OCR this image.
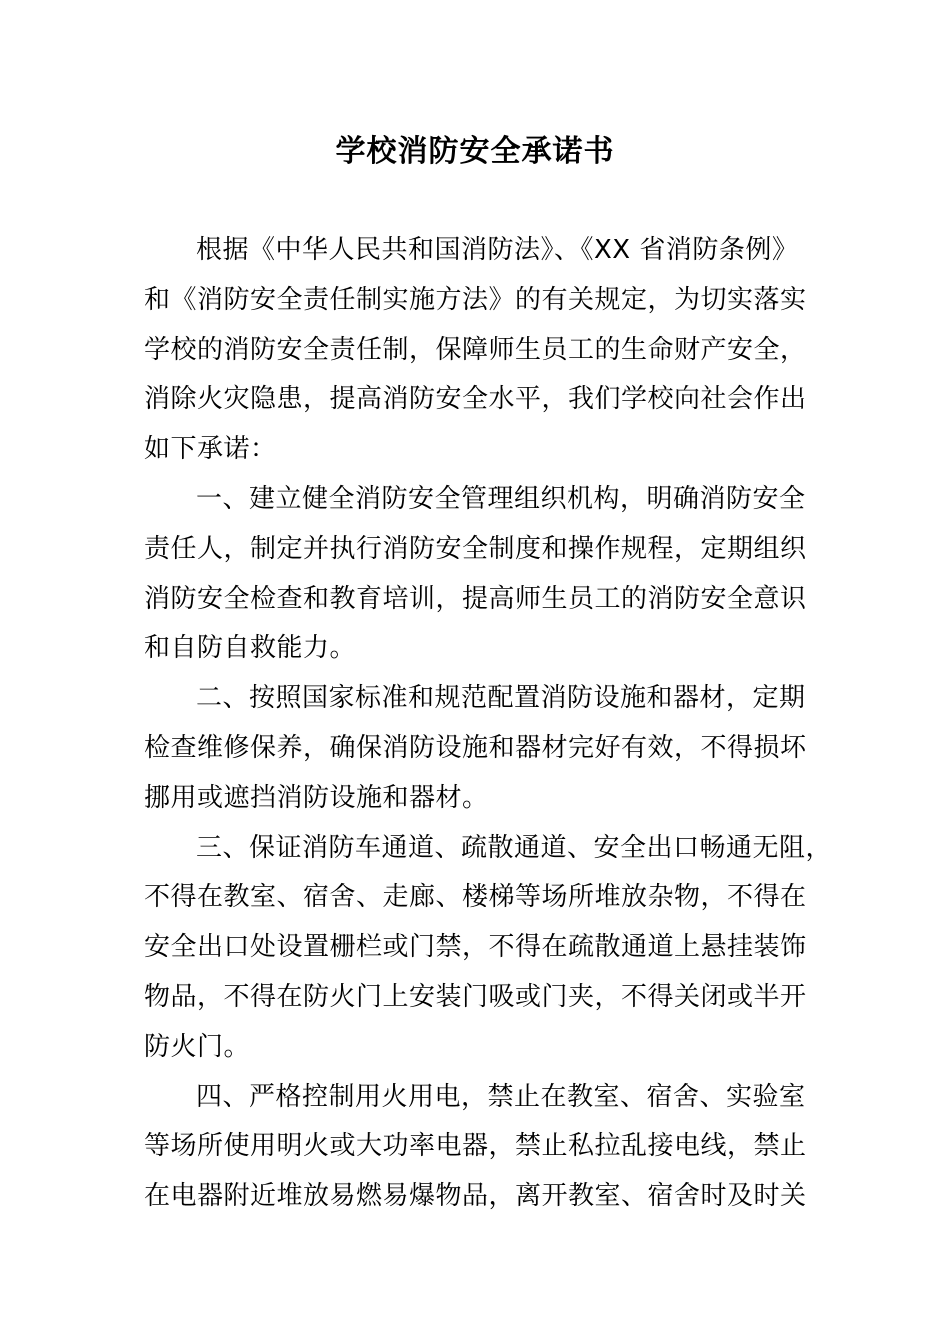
学校消防安全承诺书
根据《中华人民共和国消防法》、《XX 省消防条例》
和《消防安全责任制实施方法》的有关规定，为切实落实
学校的消防安全责任制，保障师生员工的生命财产安全，
消除火灾隐患，提高消防安全水平，我们学校向社会作出
如下承诺：
一、建立健全消防安全管理组织机构，明确消防安全
责任人，制定并执行消防安全制度和操作规程，定期组织
消防安全检查和教育培训，提高师生员工的消防安全意识
和自防自救能力。
二、按照国家标准和规范配置消防设施和器材，定期
检查维修保养，确保消防设施和器材完好有效，不得损坏
挪用或遮挡消防设施和器材。
三、保证消防车通道、疏散通道、安全出口畅通无阻，
不得在教室、宿舍、走廊、楼梯等场所堆放杂物，不得在
安全出口处设置栅栏或门禁，不得在疏散通道上悬挂装饰
物品，不得在防火门上安装门吸或门夹，不得关闭或半开
防火门。
四、严格控制用火用电，禁止在教室、宿舍、实验室
等场所使用明火或大功率电器，禁止私拉乱接电线，禁止
在电器附近堆放易燃易爆物品，离开教室、宿舍时及时关
